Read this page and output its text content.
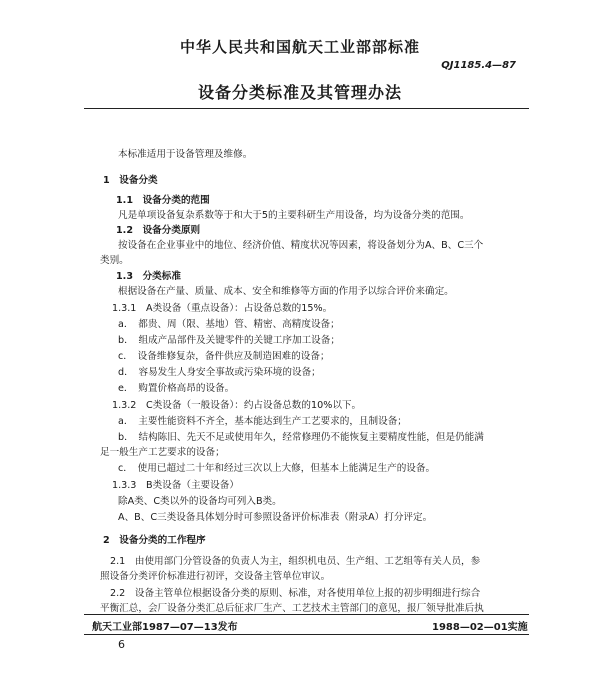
中华人民共和国航天工业部部标准
QJ1185.4—87
设备分类标准及其管理办法
本标准适用于设备管理及维修。
1　设备分类
1.1　设备分类的范围
凡是单项设备复杂系数等于和大于5的主要科研生产用设备，均为设备分类的范围。
1.2　设备分类原则
按设备在企业事业中的地位、经济价值、精度状况等因素，将设备划分为A、B、C三个
类别。
1.3　分类标准
根据设备在产量、质量、成本、安全和维修等方面的作用予以综合评价来确定。
1.3.1　A类设备（重点设备）：占设备总数的15%。
a．　都贵、周（限、基地）管、精密、高精度设备；
b．　组成产品部件及关键零件的关键工序加工设备；
c．　设备维修复杂，备件供应及制造困难的设备；
d．　容易发生人身安全事故或污染环境的设备；
e．　购置价格高昂的设备。
1.3.2　C类设备（一般设备）：约占设备总数的10%以下。
a．　主要性能资料不齐全，基本能达到生产工艺要求的，且制设备；
b．　结构陈旧、先天不足或使用年久，经常修理仍不能恢复主要精度性能，但是仍能满
足一般生产工艺要求的设备；
c．　使用已超过二十年和经过三次以上大修，但基本上能满足生产的设备。
1.3.3　B类设备（主要设备）
除A类、C类以外的设备均可列入B类。
A、B、C三类设备具体划分时可参照设备评价标准表（附录A）打分评定。
2　设备分类的工作程序
2.1　由使用部门分管设备的负责人为主，组织机电员、生产组、工艺组等有关人员，参
照设备分类评价标准进行初评，交设备主管单位审议。
2.2　设备主管单位根据设备分类的原则、标准，对各使用单位上报的初步明细进行综合
平衡汇总，会厂设备分类汇总后征求厂生产、工艺技术主管部门的意见，报厂领导批准后执
航天工业部1987—07—13发布	1988—02—01实施
6
